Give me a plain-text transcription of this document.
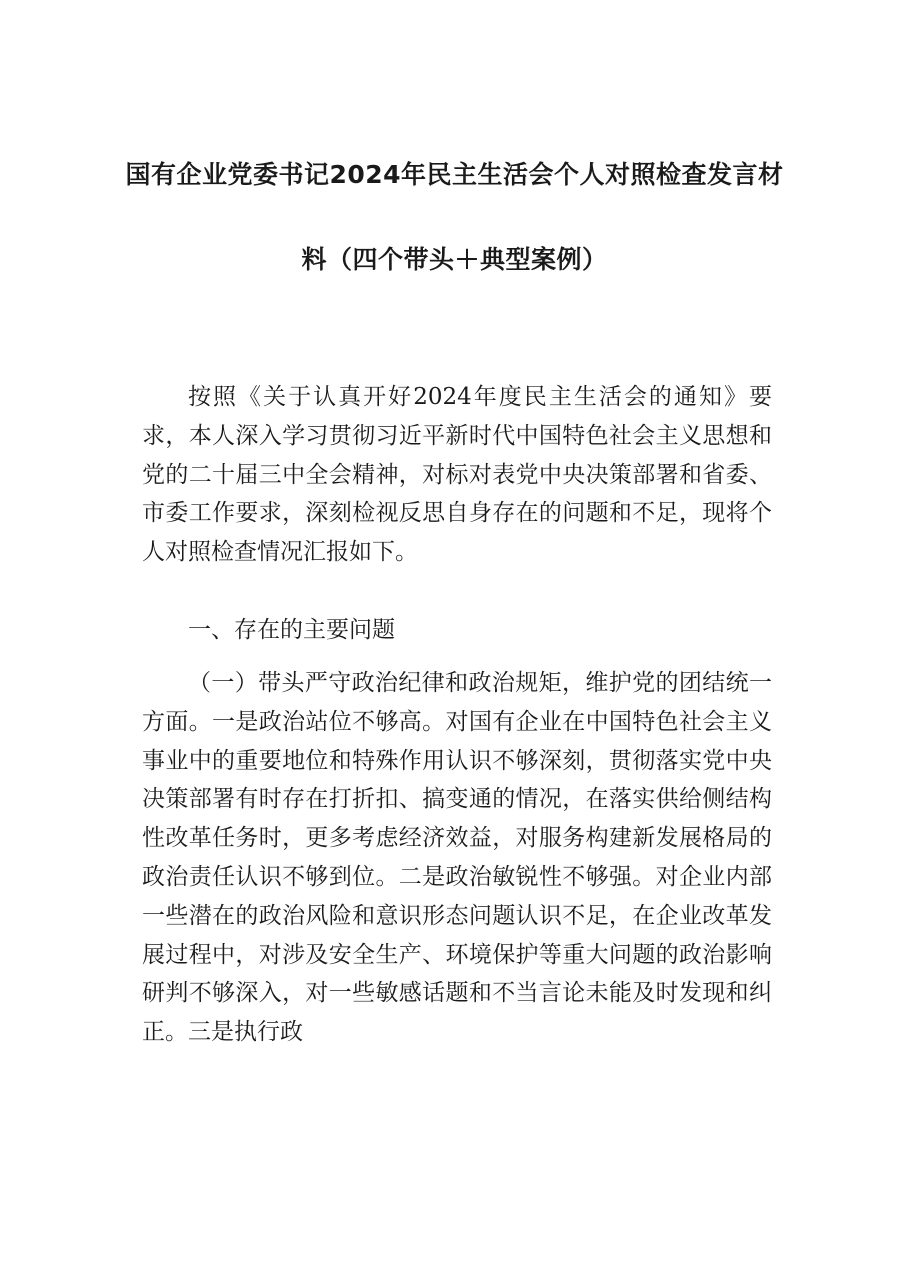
国有企业党委书记2024年民主生活会个人对照检查发言材
料（四个带头＋典型案例）

按照《关于认真开好2024年度民主生活会的通知》要求，本人深入学习贯彻习近平新时代中国特色社会主义思想和党的二十届三中全会精神，对标对表党中央决策部署和省委、市委工作要求，深刻检视反思自身存在的问题和不足，现将个人对照检查情况汇报如下。

一、存在的主要问题

（一）带头严守政治纪律和政治规矩，维护党的团结统一方面。一是政治站位不够高。对国有企业在中国特色社会主义事业中的重要地位和特殊作用认识不够深刻，贯彻落实党中央决策部署有时存在打折扣、搞变通的情况，在落实供给侧结构性改革任务时，更多考虑经济效益，对服务构建新发展格局的政治责任认识不够到位。二是政治敏锐性不够强。对企业内部一些潜在的政治风险和意识形态问题认识不足，在企业改革发展过程中，对涉及安全生产、环境保护等重大问题的政治影响研判不够深入，对一些敏感话题和不当言论未能及时发现和纠正。三是执行政
